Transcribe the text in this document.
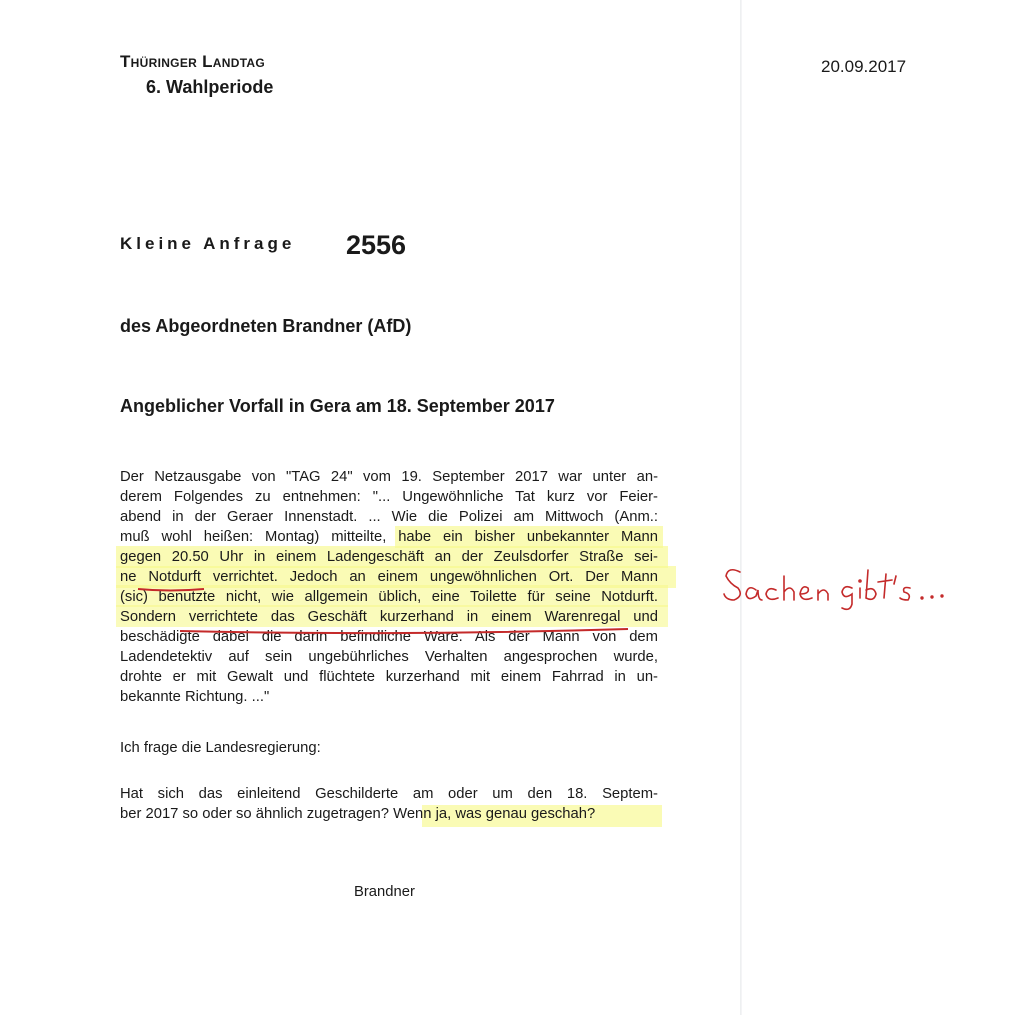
Thüringer Landtag
6. Wahlperiode
20.09.2017
Kleine Anfrage 2556
des Abgeordneten Brandner (AfD)
Angeblicher Vorfall in Gera am 18. September 2017
Der Netzausgabe von "TAG 24" vom 19. September 2017 war unter an-
derem Folgendes zu entnehmen: "... Ungewöhnliche Tat kurz vor Feier-
abend in der Geraer Innenstadt. ... Wie die Polizei am Mittwoch (Anm.:
muß wohl heißen: Montag) mitteilte, habe ein bisher unbekannter Mann
gegen 20.50 Uhr in einem Ladengeschäft an der Zeulsdorfer Straße sei-
ne Notdurft verrichtet. Jedoch an einem ungewöhnlichen Ort. Der Mann
(sic) benutzte nicht, wie allgemein üblich, eine Toilette für seine Notdurft.
Sondern verrichtete das Geschäft kurzerhand in einem Warenregal und
beschädigte dabei die darin befindliche Ware. Als der Mann von dem
Ladendetektiv auf sein ungebührliches Verhalten angesprochen wurde,
drohte er mit Gewalt und flüchtete kurzerhand mit einem Fahrrad in un-
bekannte Richtung. ..."
Ich frage die Landesregierung:
Hat sich das einleitend Geschilderte am oder um den 18. Septem-
ber 2017 so oder so ähnlich zugetragen? Wenn ja, was genau geschah?
Brandner
